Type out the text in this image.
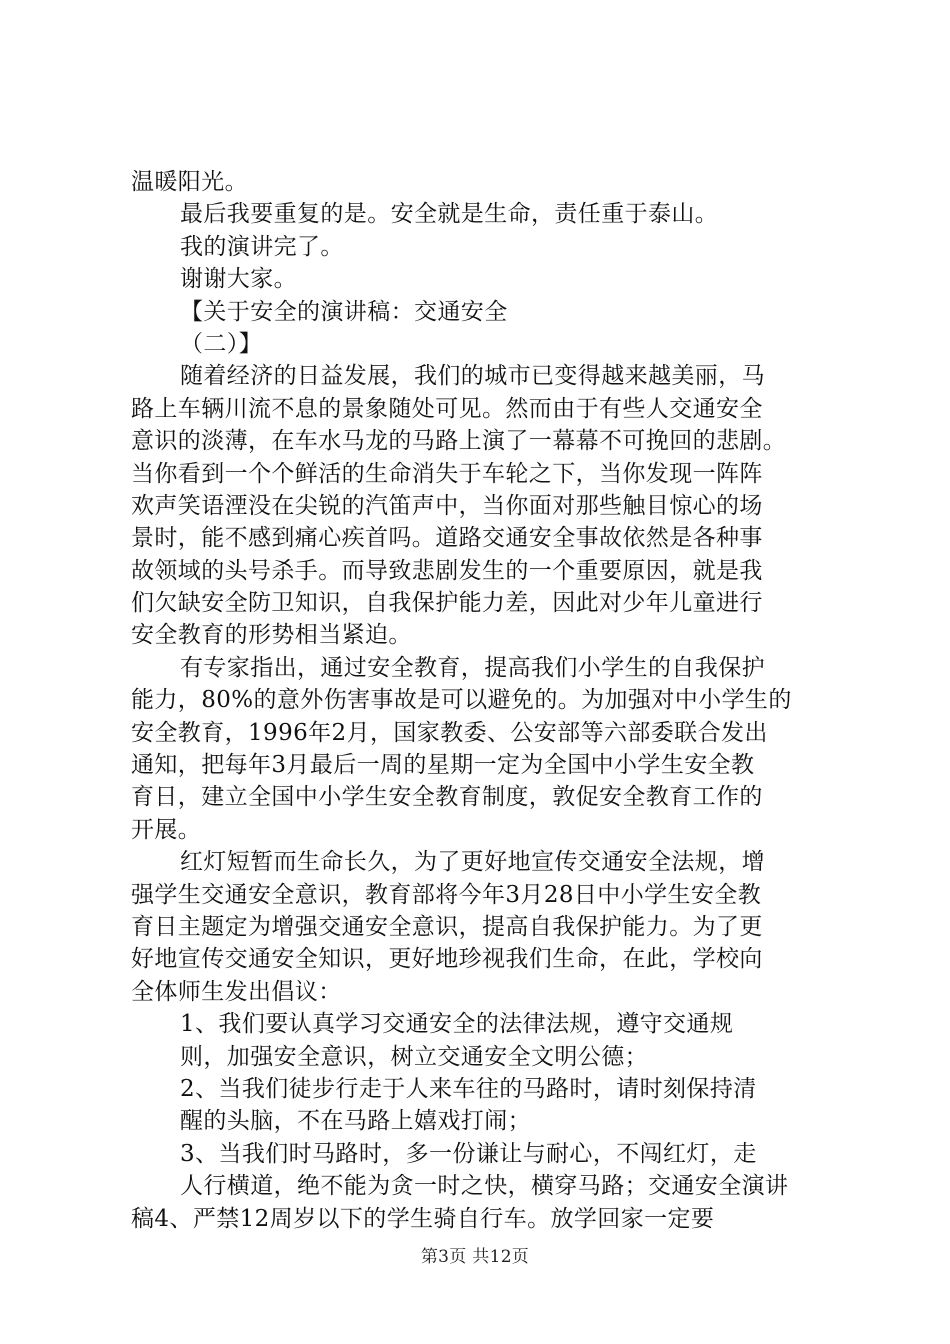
温暖阳光。
最后我要重复的是。安全就是生命，责任重于泰山。
我的演讲完了。
谢谢大家。
【关于安全的演讲稿：交通安全
（二）】
随着经济的日益发展，我们的城市已变得越来越美丽，马
路上车辆川流不息的景象随处可见。然而由于有些人交通安全
意识的淡薄，在车水马龙的马路上演了一幕幕不可挽回的悲剧。
当你看到一个个鲜活的生命消失于车轮之下，当你发现一阵阵
欢声笑语湮没在尖锐的汽笛声中，当你面对那些触目惊心的场
景时，能不感到痛心疾首吗。道路交通安全事故依然是各种事
故领域的头号杀手。而导致悲剧发生的一个重要原因，就是我
们欠缺安全防卫知识，自我保护能力差，因此对少年儿童进行
安全教育的形势相当紧迫。
有专家指出，通过安全教育，提高我们小学生的自我保护
能力，80%的意外伤害事故是可以避免的。为加强对中小学生的
安全教育，1996年2月，国家教委、公安部等六部委联合发出
通知，把每年3月最后一周的星期一定为全国中小学生安全教
育日，建立全国中小学生安全教育制度，敦促安全教育工作的
开展。
红灯短暂而生命长久，为了更好地宣传交通安全法规，增
强学生交通安全意识，教育部将今年3月28日中小学生安全教
育日主题定为增强交通安全意识，提高自我保护能力。为了更
好地宣传交通安全知识，更好地珍视我们生命，在此，学校向
全体师生发出倡议：
1、我们要认真学习交通安全的法律法规，遵守交通规
则，加强安全意识，树立交通安全文明公德；
2、当我们徒步行走于人来车往的马路时，请时刻保持清
醒的头脑，不在马路上嬉戏打闹；
3、当我们时马路时，多一份谦让与耐心，不闯红灯，走
人行横道，绝不能为贪一时之快，横穿马路；交通安全演讲
稿4、严禁12周岁以下的学生骑自行车。放学回家一定要
第3页 共12页
